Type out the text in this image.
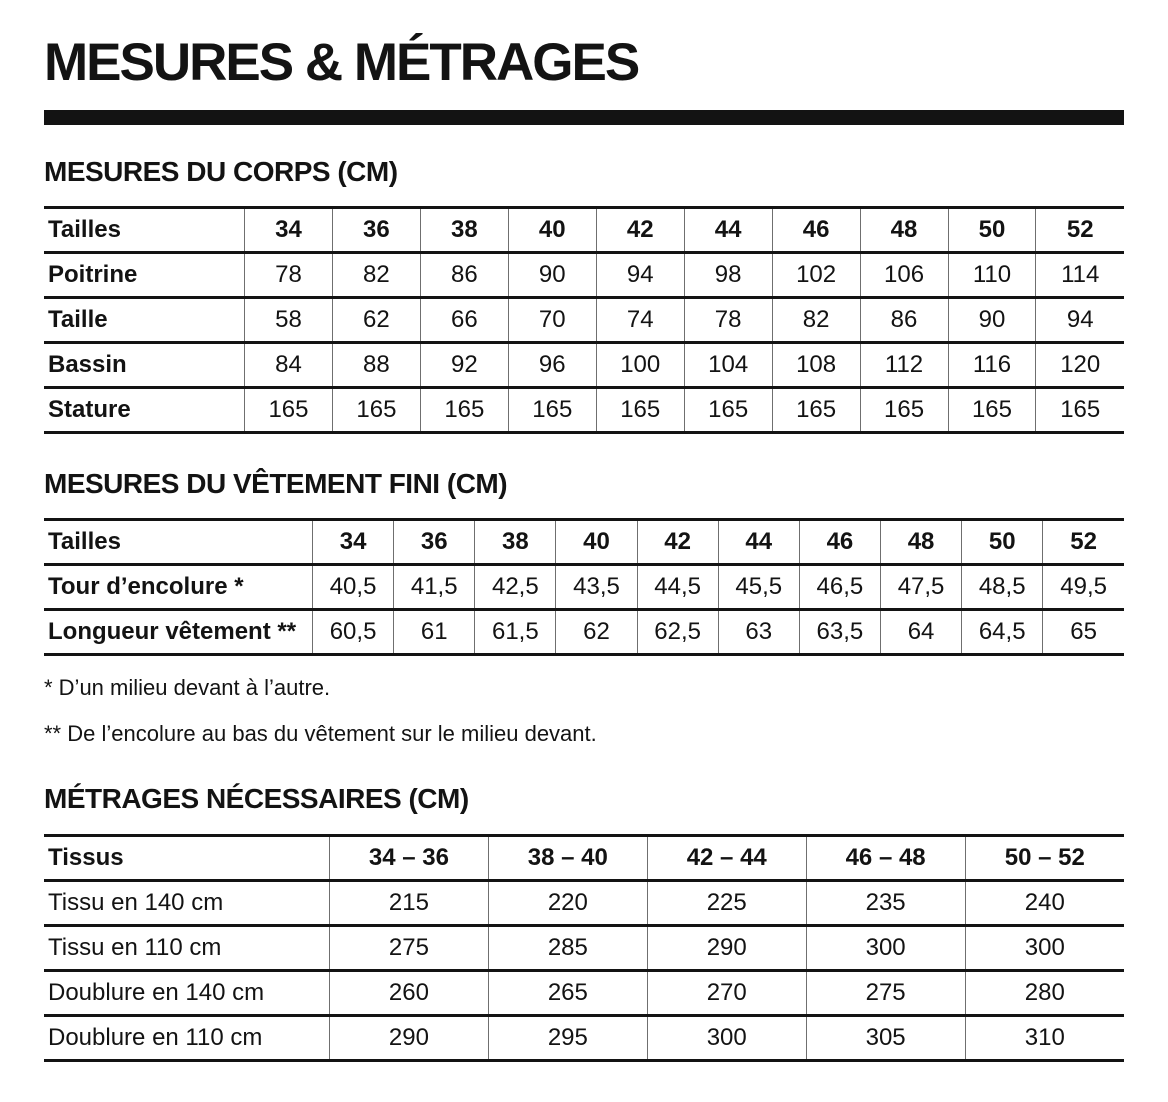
MESURES & MÉTRAGES
MESURES DU CORPS (CM)
Tailles	34	36	38	40	42	44	46	48	50	52
Poitrine	78	82	86	90	94	98	102	106	110	114
Taille	58	62	66	70	74	78	82	86	90	94
Bassin	84	88	92	96	100	104	108	112	116	120
Stature	165	165	165	165	165	165	165	165	165	165
MESURES DU VÊTEMENT FINI (CM)
Tailles	34	36	38	40	42	44	46	48	50	52
Tour d’encolure *	40,5	41,5	42,5	43,5	44,5	45,5	46,5	47,5	48,5	49,5
Longueur vêtement **	60,5	61	61,5	62	62,5	63	63,5	64	64,5	65

* D’un milieu devant à l’autre.

** De l’encolure au bas du vêtement sur le milieu devant.

MÉTRAGES NÉCESSAIRES (CM)
Tissus	34 – 36	38 – 40	42 – 44	46 – 48	50 – 52
Tissu en 140 cm	215	220	225	235	240
Tissu en 110 cm	275	285	290	300	300
Doublure en 140 cm	260	265	270	275	280
Doublure en 110 cm	290	295	300	305	310
